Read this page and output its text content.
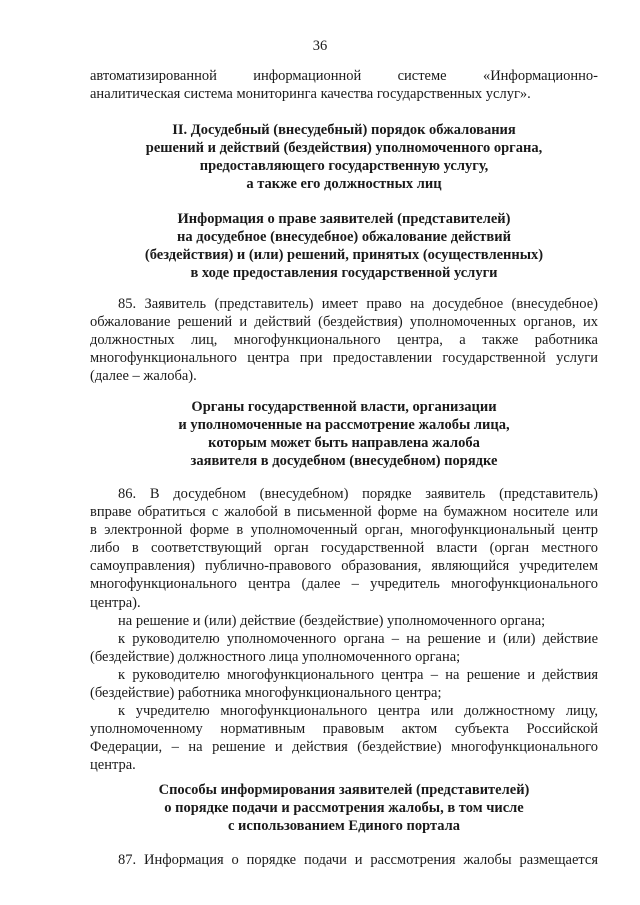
36
автоматизированной информационной системе «Информационно-
аналитическая система мониторинга качества государственных услуг».
II. Досудебный (внесудебный) порядок обжалования
решений и действий (бездействия) уполномоченного органа,
предоставляющего государственную услугу,
а также его должностных лиц
Информация о праве заявителей (представителей)
на досудебное (внесудебное) обжалование действий
(бездействия) и (или) решений, принятых (осуществленных)
в ходе предоставления государственной услуги
85. Заявитель (представитель) имеет право на досудебное (внесудебное)
обжалование решений и действий (бездействия) уполномоченных органов, их
должностных лиц, многофункционального центра, а также работника
многофункционального центра при предоставлении государственной услуги
(далее – жалоба).
Органы государственной власти, организации
и уполномоченные на рассмотрение жалобы лица,
которым может быть направлена жалоба
заявителя в досудебном (внесудебном) порядке
86. В досудебном (внесудебном) порядке заявитель (представитель)
вправе обратиться с жалобой в письменной форме на бумажном носителе или
в электронной форме в уполномоченный орган, многофункциональный центр
либо в соответствующий орган государственной власти (орган местного
самоуправления) публично-правового образования, являющийся учредителем
многофункционального центра (далее – учредитель многофункционального
центра).
на решение и (или) действие (бездействие) уполномоченного органа;
к руководителю уполномоченного органа – на решение и (или) действие
(бездействие) должностного лица уполномоченного органа;
к руководителю многофункционального центра – на решение и действия
(бездействие) работника многофункционального центра;
к учредителю многофункционального центра или должностному лицу,
уполномоченному нормативным правовым актом субъекта Российской
Федерации, – на решение и действия (бездействие) многофункционального
центра.
Способы информирования заявителей (представителей)
о порядке подачи и рассмотрения жалобы, в том числе
с использованием Единого портала
87. Информация о порядке подачи и рассмотрения жалобы размещается
